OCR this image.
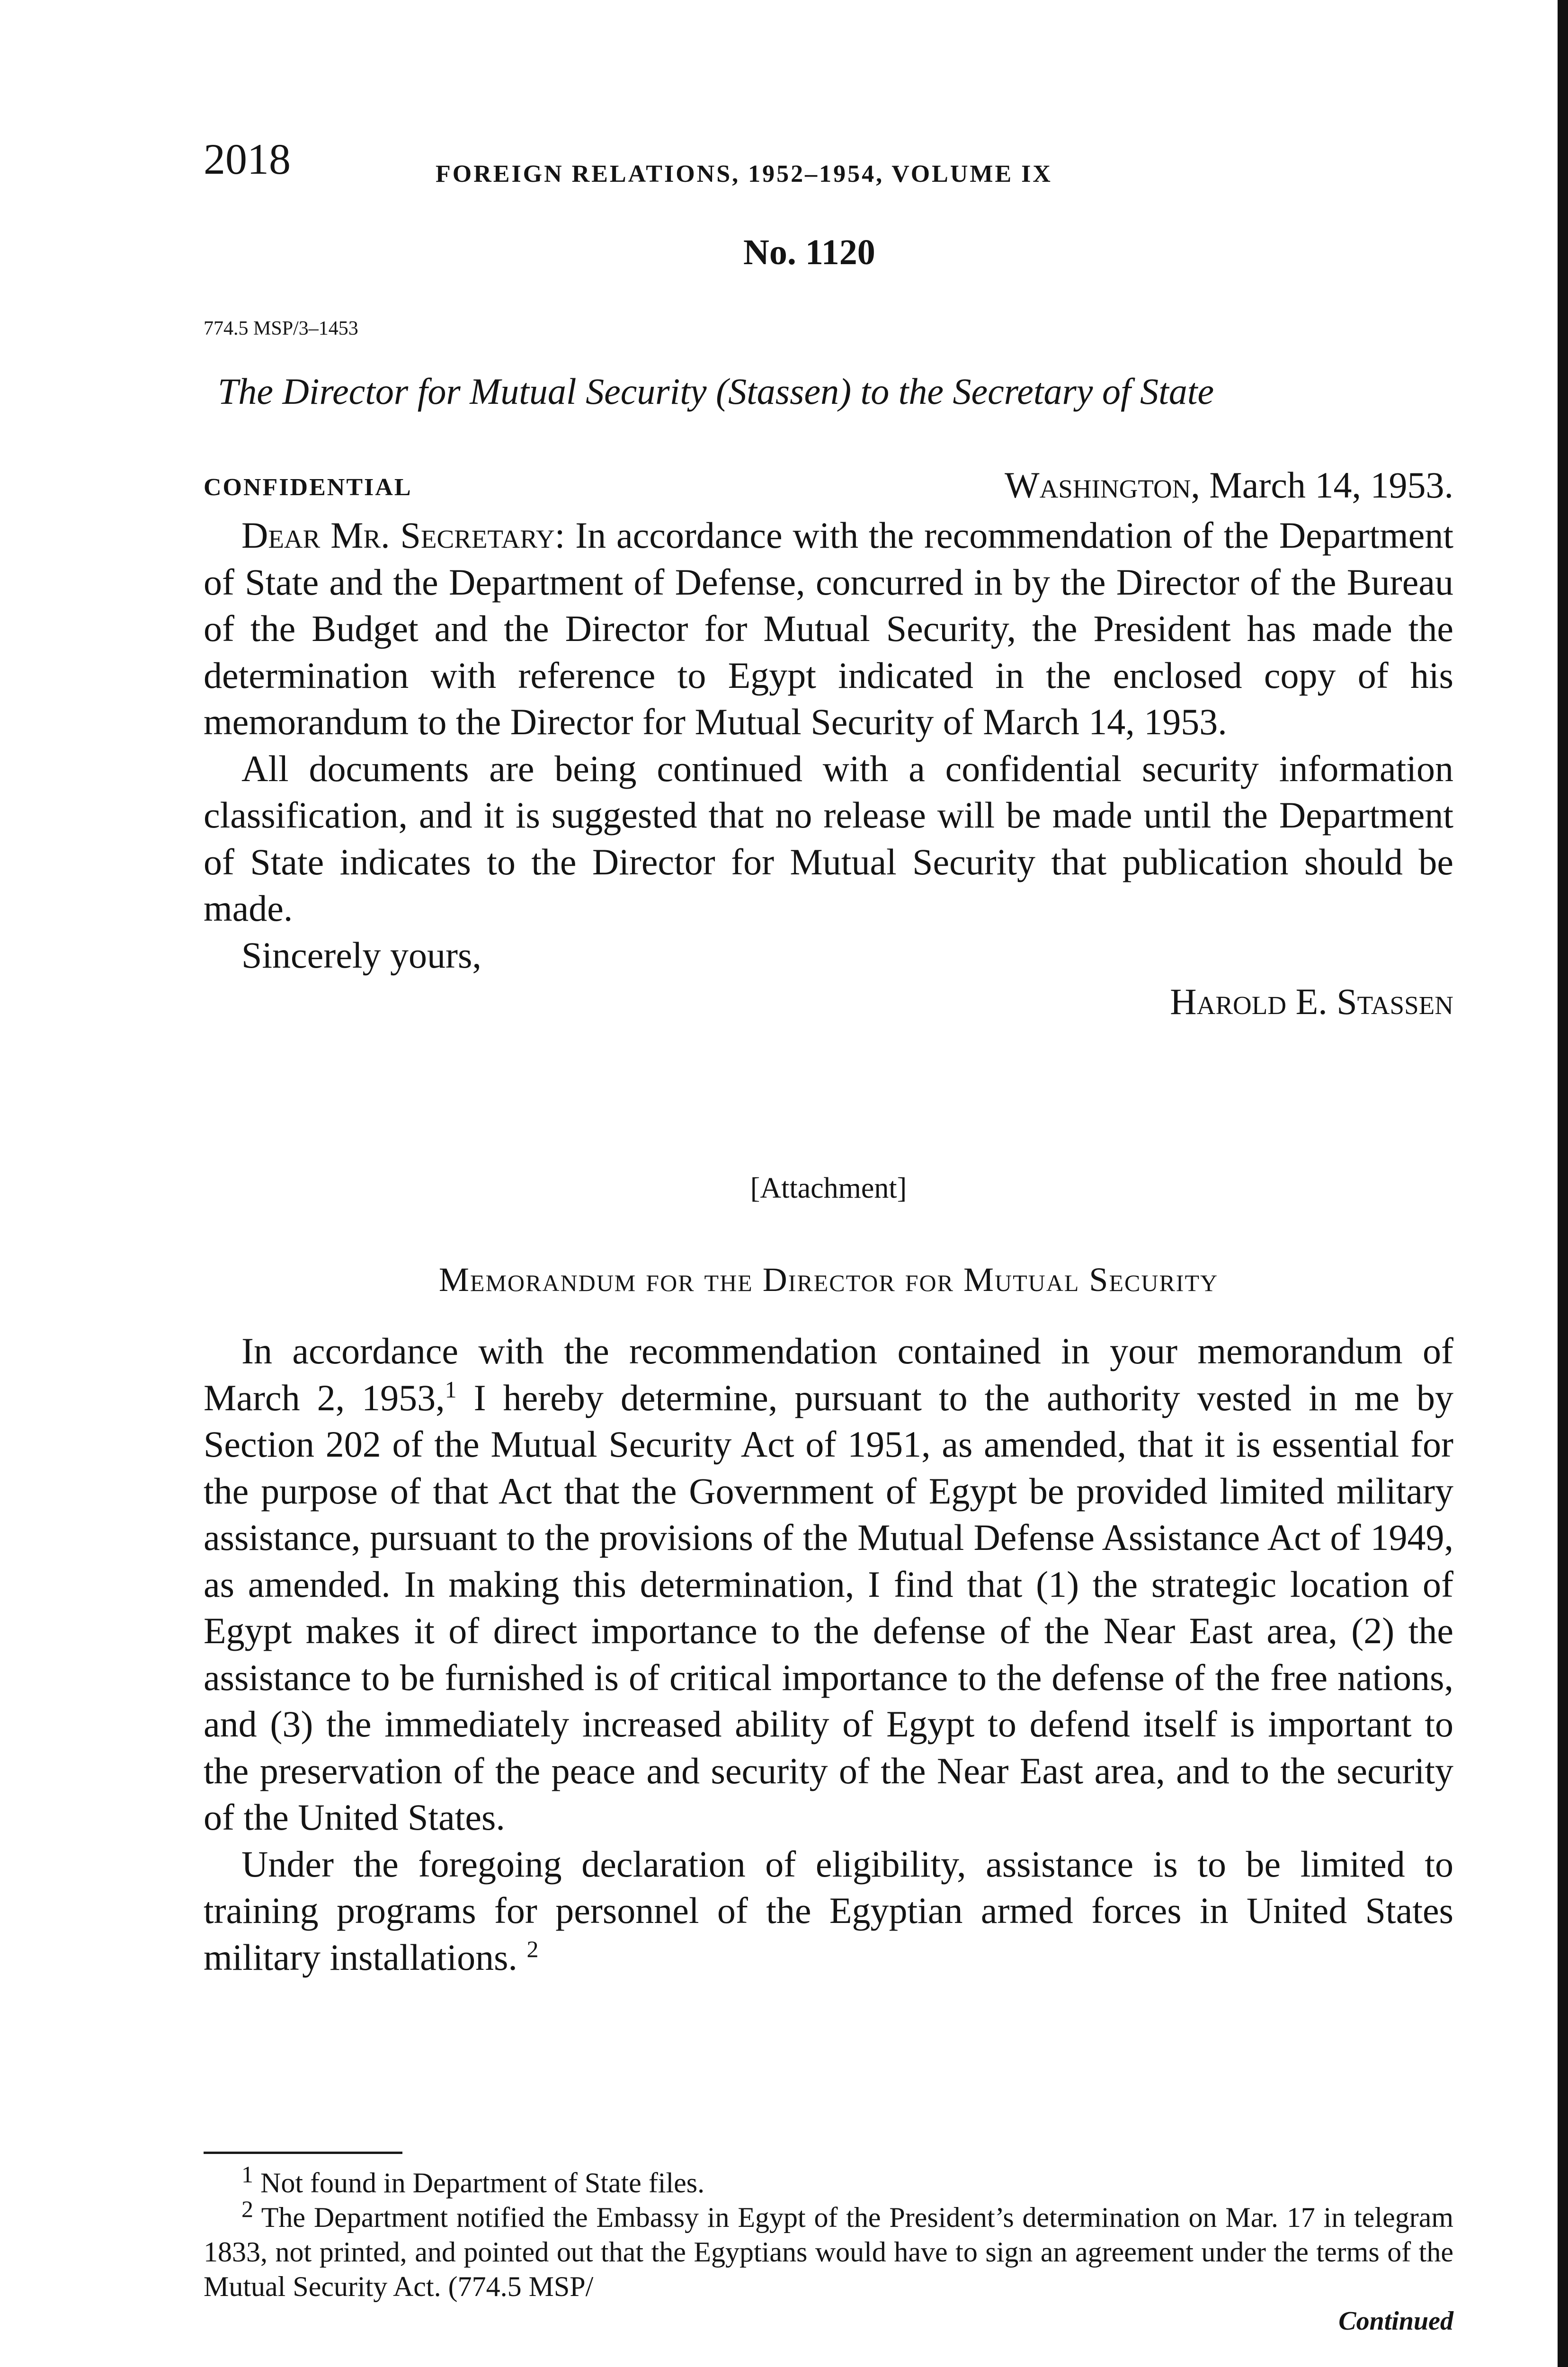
2018	FOREIGN RELATIONS, 1952–1954, VOLUME IX
No. 1120
774.5 MSP/3–1453
The Director for Mutual Security (Stassen) to the Secretary of State
CONFIDENTIAL	Washington, March 14, 1953.

Dear Mr. Secretary: In accordance with the recommendation of the Department of State and the Department of Defense, concurred in by the Director of the Bureau of the Budget and the Director for Mutual Security, the President has made the determination with reference to Egypt indicated in the enclosed copy of his memorandum to the Director for Mutual Security of March 14, 1953.

All documents are being continued with a confidential security information classification, and it is suggested that no release will be made until the Department of State indicates to the Director for Mutual Security that publication should be made.

Sincerely yours,
Harold E. Stassen
[Attachment]
Memorandum for the Director for Mutual Security

In accordance with the recommendation contained in your memorandum of March 2, 1953,$^1$ I hereby determine, pursuant to the authority vested in me by Section 202 of the Mutual Security Act of 1951, as amended, that it is essential for the purpose of that Act that the Government of Egypt be provided limited military assistance, pursuant to the provisions of the Mutual Defense Assistance Act of 1949, as amended. In making this determination, I find that (1) the strategic location of Egypt makes it of direct importance to the defense of the Near East area, (2) the assistance to be furnished is of critical importance to the defense of the free nations, and (3) the immediately increased ability of Egypt to defend itself is important to the preservation of the peace and security of the Near East area, and to the security of the United States.

Under the foregoing declaration of eligibility, assistance is to be limited to training programs for personnel of the Egyptian armed forces in United States military installations. $^2$

$^1$ Not found in Department of State files.

$^2$ The Department notified the Embassy in Egypt of the President’s determination on Mar. 17 in telegram 1833, not printed, and pointed out that the Egyptians would have to sign an agreement under the terms of the Mutual Security Act. (774.5 MSP/

Continued
